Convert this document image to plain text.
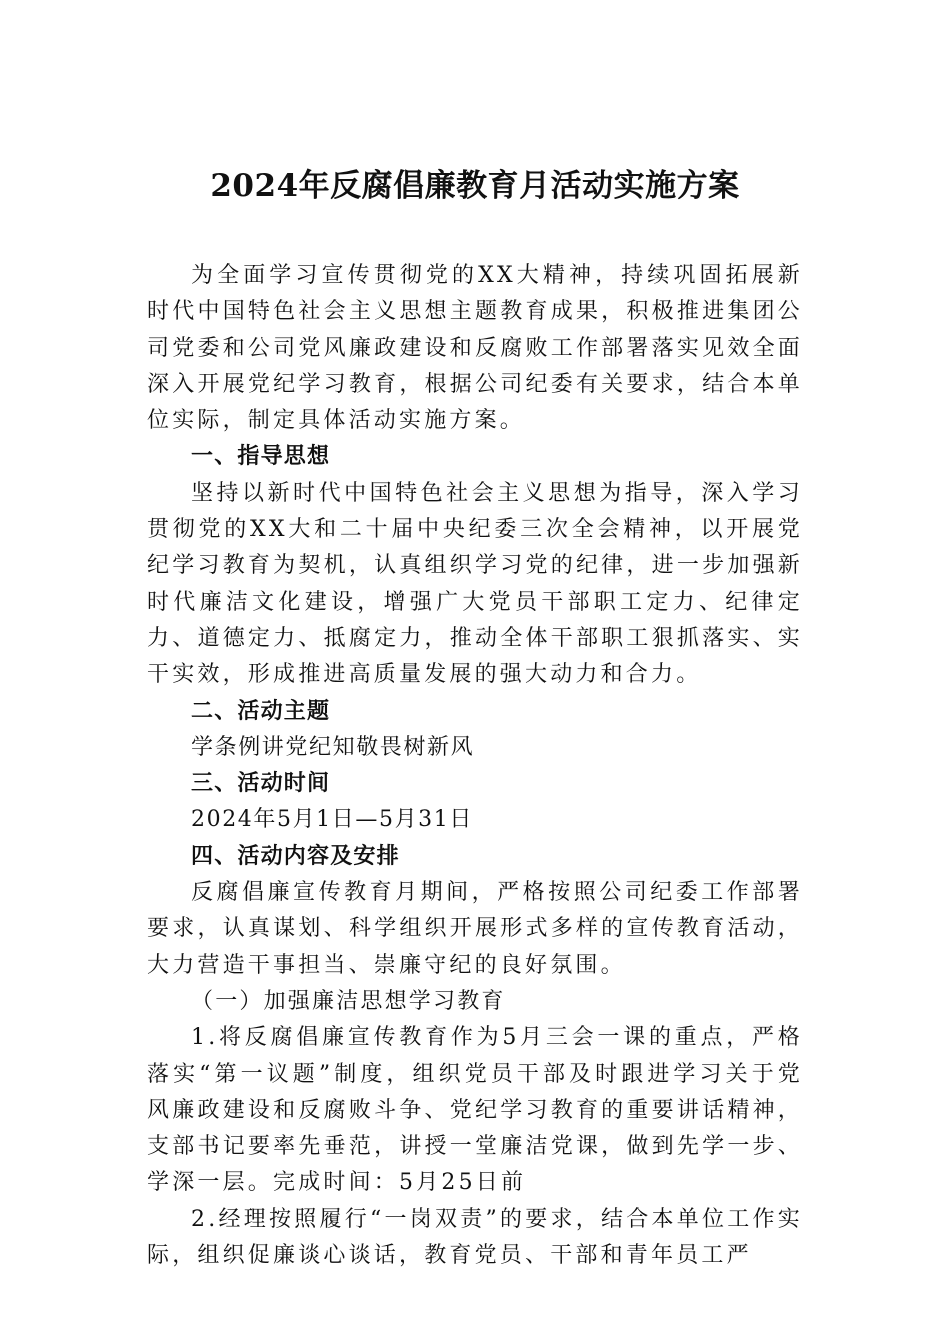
2024年反腐倡廉教育月活动实施方案

为全面学习宣传贯彻党的XX大精神，持续巩固拓展新时代中国特色社会主义思想主题教育成果，积极推进集团公司党委和公司党风廉政建设和反腐败工作部署落实见效全面深入开展党纪学习教育，根据公司纪委有关要求，结合本单位实际，制定具体活动实施方案。

一、指导思想

坚持以新时代中国特色社会主义思想为指导，深入学习贯彻党的XX大和二十届中央纪委三次全会精神，以开展党纪学习教育为契机，认真组织学习党的纪律，进一步加强新时代廉洁文化建设，增强广大党员干部职工定力、纪律定力、道德定力、抵腐定力，推动全体干部职工狠抓落实、实干实效，形成推进高质量发展的强大动力和合力。

二、活动主题

学条例讲党纪知敬畏树新风

三、活动时间

2024年5月1日—5月31日

四、活动内容及安排

反腐倡廉宣传教育月期间，严格按照公司纪委工作部署要求，认真谋划、科学组织开展形式多样的宣传教育活动，大力营造干事担当、崇廉守纪的良好氛围。

（一）加强廉洁思想学习教育

1.将反腐倡廉宣传教育作为5月三会一课的重点，严格落实“第一议题”制度，组织党员干部及时跟进学习关于党风廉政建设和反腐败斗争、党纪学习教育的重要讲话精神，支部书记要率先垂范，讲授一堂廉洁党课，做到先学一步、学深一层。完成时间：5月25日前

2.经理按照履行“一岗双责”的要求，结合本单位工作实际，组织促廉谈心谈话，教育党员、干部和青年员工严
